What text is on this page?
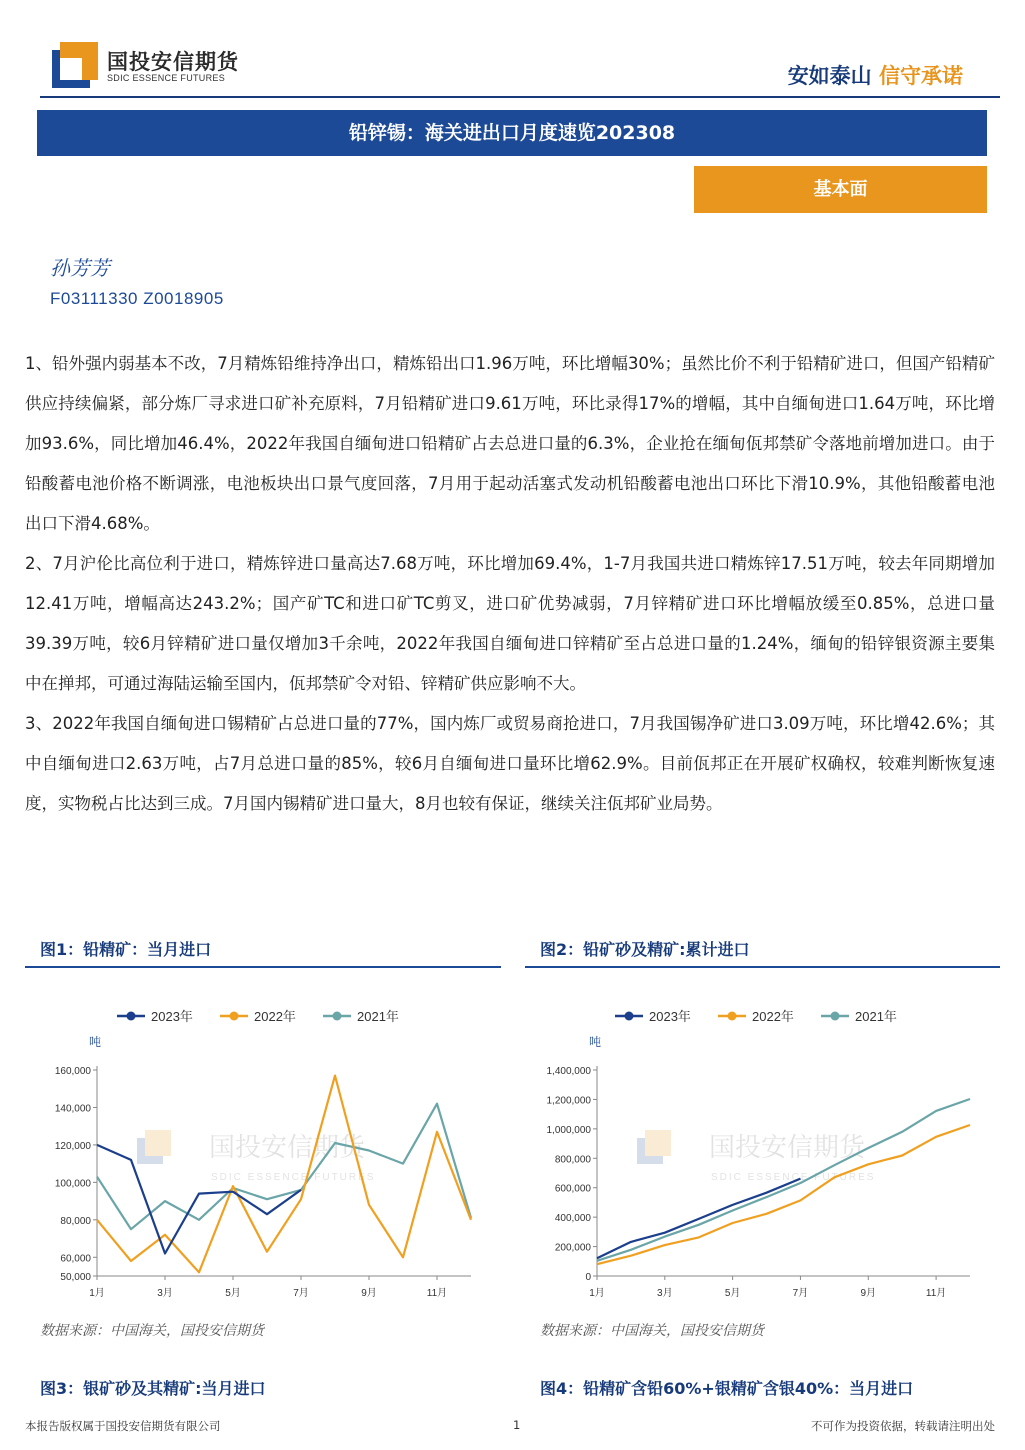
国投安信期货
SDIC ESSENCE FUTURES	安如泰山 信守承诺
铅锌锡：海关进出口月度速览202308
基本面
孙芳芳
F03111330 Z0018905

1、铅外强内弱基本不改，7月精炼铅维持净出口，精炼铅出口1.96万吨，环比增幅30%；虽然比价不利于铅精矿进口，但国产铅精矿供应持续偏紧，部分炼厂寻求进口矿补充原料，7月铅精矿进口9.61万吨，环比录得17%的增幅，其中自缅甸进口1.64万吨，环比增加93.6%，同比增加46.4%，2022年我国自缅甸进口铅精矿占去总进口量的6.3%，企业抢在缅甸佤邦禁矿令落地前增加进口。由于铅酸蓄电池价格不断调涨，电池板块出口景气度回落，7月用于起动活塞式发动机铅酸蓄电池出口环比下滑10.9%，其他铅酸蓄电池出口下滑4.68%。

2、7月沪伦比高位利于进口，精炼锌进口量高达7.68万吨，环比增加69.4%，1-7月我国共进口精炼锌17.51万吨，较去年同期增加12.41万吨，增幅高达243.2%；国产矿TC和进口矿TC剪叉，进口矿优势减弱，7月锌精矿进口环比增幅放缓至0.85%，总进口量39.39万吨，较6月锌精矿进口量仅增加3千余吨，2022年我国自缅甸进口锌精矿至占总进口量的1.24%，缅甸的铅锌银资源主要集中在掸邦，可通过海陆运输至国内，佤邦禁矿令对铅、锌精矿供应影响不大。

3、2022年我国自缅甸进口锡精矿占总进口量的77%，国内炼厂或贸易商抢进口，7月我国锡净矿进口3.09万吨，环比增42.6%；其中自缅甸进口2.63万吨，占7月总进口量的85%，较6月自缅甸进口量环比增62.9%。目前佤邦正在开展矿权确权，较难判断恢复速度，实物税占比达到三成。7月国内锡精矿进口量大，8月也较有保证，继续关注佤邦矿业局势。

图1：铅精矿：当月进口
国投安信期货
SDIC ESSENCE FUTURES
2023年	2022年	2021年
吨
50,000
60,000
80,000
100,000
120,000
140,000
160,000
1月	3月	5月	7月	9月	11月
数据来源：中国海关，国投安信期货
图2：铅矿砂及精矿:累计进口
国投安信期货
SDIC ESSENCE FUTURES
2023年	2022年	2021年
吨
0
200,000
400,000
600,000
800,000
1,000,000
1,200,000
1,400,000
1月	3月	5月	7月	9月	11月
数据来源：中国海关，国投安信期货
图3：银矿砂及其精矿:当月进口	图4：铅精矿含铅60%+银精矿含银40%：当月进口
本报告版权属于国投安信期货有限公司	1	不可作为投资依据，转载请注明出处
